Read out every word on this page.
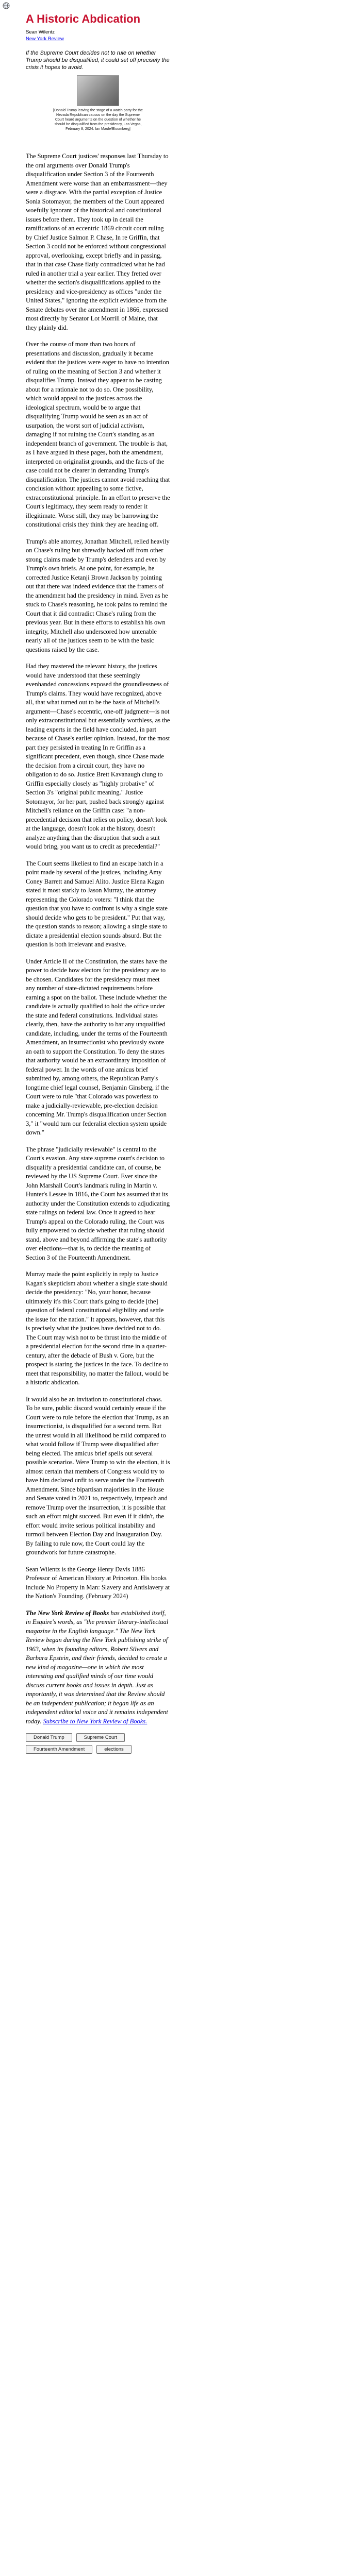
A Historic Abdication
Sean Wilentz
New York Review

If the Supreme Court decides not to rule on whether Trump should be disqualified, it could set off precisely the crisis it hopes to avoid.

[Donald Trump leaving the stage of a watch party for the Nevada Republican caucus on the day the Supreme Court heard arguments on the question of whether he should be disqualified from the presidency, Las Vegas, February 8, 2024. Ian Maule/Bloomberg]

The Supreme Court justices' responses last Thursday to the oral arguments over Donald Trump's disqualification under Section 3 of the Fourteenth Amendment were worse than an embarrassment—they were a disgrace. With the partial exception of Justice Sonia Sotomayor, the members of the Court appeared woefully ignorant of the historical and constitutional issues before them. They took up in detail the ramifications of an eccentric 1869 circuit court ruling by Chief Justice Salmon P. Chase, In re Griffin, that Section 3 could not be enforced without congressional approval, overlooking, except briefly and in passing, that in that case Chase flatly contradicted what he had ruled in another trial a year earlier. They fretted over whether the section's disqualifications applied to the presidency and vice-presidency as offices "under the United States," ignoring the explicit evidence from the Senate debates over the amendment in 1866, expressed most directly by Senator Lot Morrill of Maine, that they plainly did.

Over the course of more than two hours of presentations and discussion, gradually it became evident that the justices were eager to have no intention of ruling on the meaning of Section 3 and whether it disqualifies Trump. Instead they appear to be casting about for a rationale not to do so. One possibility, which would appeal to the justices across the ideological spectrum, would be to argue that disqualifying Trump would be seen as an act of usurpation, the worst sort of judicial activism, damaging if not ruining the Court's standing as an independent branch of government. The trouble is that, as I have argued in these pages, both the amendment, interpreted on originalist grounds, and the facts of the case could not be clearer in demanding Trump's disqualification. The justices cannot avoid reaching that conclusion without appealing to some fictive, extraconstitutional principle. In an effort to preserve the Court's legitimacy, they seem ready to render it illegitimate. Worse still, they may be harrowing the constitutional crisis they think they are heading off.

Trump's able attorney, Jonathan Mitchell, relied heavily on Chase's ruling but shrewdly backed off from other strong claims made by Trump's defenders and even by Trump's own briefs. At one point, for example, he corrected Justice Ketanji Brown Jackson by pointing out that there was indeed evidence that the framers of the amendment had the presidency in mind. Even as he stuck to Chase's reasoning, he took pains to remind the Court that it did contradict Chase's ruling from the previous year. But in these efforts to establish his own integrity, Mitchell also underscored how untenable nearly all of the justices seem to be with the basic questions raised by the case.

Had they mastered the relevant history, the justices would have understood that these seemingly evenhanded concessions exposed the groundlessness of Trump's claims. They would have recognized, above all, that what turned out to be the basis of Mitchell's argument—Chase's eccentric, one-off judgment—is not only extraconstitutional but essentially worthless, as the leading experts in the field have concluded, in part because of Chase's earlier opinion. Instead, for the most part they persisted in treating In re Griffin as a significant precedent, even though, since Chase made the decision from a circuit court, they have no obligation to do so. Justice Brett Kavanaugh clung to Griffin especially closely as "highly probative" of Section 3's "original public meaning." Justice Sotomayor, for her part, pushed back strongly against Mitchell's reliance on the Griffin case: "a non-precedential decision that relies on policy, doesn't look at the language, doesn't look at the history, doesn't analyze anything than the disruption that such a suit would bring, you want us to credit as precedential?"

The Court seems likeliest to find an escape hatch in a point made by several of the justices, including Amy Coney Barrett and Samuel Alito. Justice Elena Kagan stated it most starkly to Jason Murray, the attorney representing the Colorado voters: "I think that the question that you have to confront is why a single state should decide who gets to be president." Put that way, the question stands to reason; allowing a single state to dictate a presidential election sounds absurd. But the question is both irrelevant and evasive.

Under Article II of the Constitution, the states have the power to decide how electors for the presidency are to be chosen. Candidates for the presidency must meet any number of state-dictated requirements before earning a spot on the ballot. These include whether the candidate is actually qualified to hold the office under the state and federal constitutions. Individual states clearly, then, have the authority to bar any unqualified candidate, including, under the terms of the Fourteenth Amendment, an insurrectionist who previously swore an oath to support the Constitution. To deny the states that authority would be an extraordinary imposition of federal power. In the words of one amicus brief submitted by, among others, the Republican Party's longtime chief legal counsel, Benjamin Ginsberg, if the Court were to rule "that Colorado was powerless to make a judicially-reviewable, pre-election decision concerning Mr. Trump's disqualification under Section 3," it "would turn our federalist election system upside down."

The phrase "judicially reviewable" is central to the Court's evasion. Any state supreme court's decision to disqualify a presidential candidate can, of course, be reviewed by the US Supreme Court. Ever since the John Marshall Court's landmark ruling in Martin v. Hunter's Lessee in 1816, the Court has assumed that its authority under the Constitution extends to adjudicating state rulings on federal law. Once it agreed to hear Trump's appeal on the Colorado ruling, the Court was fully empowered to decide whether that ruling should stand, above and beyond affirming the state's authority over elections—that is, to decide the meaning of Section 3 of the Fourteenth Amendment.

Murray made the point explicitly in reply to Justice Kagan's skepticism about whether a single state should decide the presidency: "No, your honor, because ultimately it's this Court that's going to decide [the] question of federal constitutional eligibility and settle the issue for the nation." It appears, however, that this is precisely what the justices have decided not to do. The Court may wish not to be thrust into the middle of a presidential election for the second time in a quarter-century, after the debacle of Bush v. Gore, but the prospect is staring the justices in the face. To decline to meet that responsibility, no matter the fallout, would be a historic abdication.

It would also be an invitation to constitutional chaos. To be sure, public discord would certainly ensue if the Court were to rule before the election that Trump, as an insurrectionist, is disqualified for a second term. But the unrest would in all likelihood be mild compared to what would follow if Trump were disqualified after being elected. The amicus brief spells out several possible scenarios. Were Trump to win the election, it is almost certain that members of Congress would try to have him declared unfit to serve under the Fourteenth Amendment. Since bipartisan majorities in the House and Senate voted in 2021 to, respectively, impeach and remove Trump over the insurrection, it is possible that such an effort might succeed. But even if it didn't, the effort would invite serious political instability and turmoil between Election Day and Inauguration Day. By failing to rule now, the Court could lay the groundwork for future catastrophe.

Sean Wilentz is the George Henry Davis 1886 Professor of American History at Princeton. His books include No Property in Man: Slavery and Antislavery at the Nation's Founding. (February 2024)

The New York Review of Books has established itself, in Esquire's words, as "the premier literary-intellectual magazine in the English language." The New York Review began during the New York publishing strike of 1963, when its founding editors, Robert Silvers and Barbara Epstein, and their friends, decided to create a new kind of magazine—one in which the most interesting and qualified minds of our time would discuss current books and issues in depth. Just as importantly, it was determined that the Review should be an independent publication; it began life as an independent editorial voice and it remains independent today. Subscribe to New York Review of Books.

Donald Trump	Supreme Court
Fourteenth Amendment	elections
